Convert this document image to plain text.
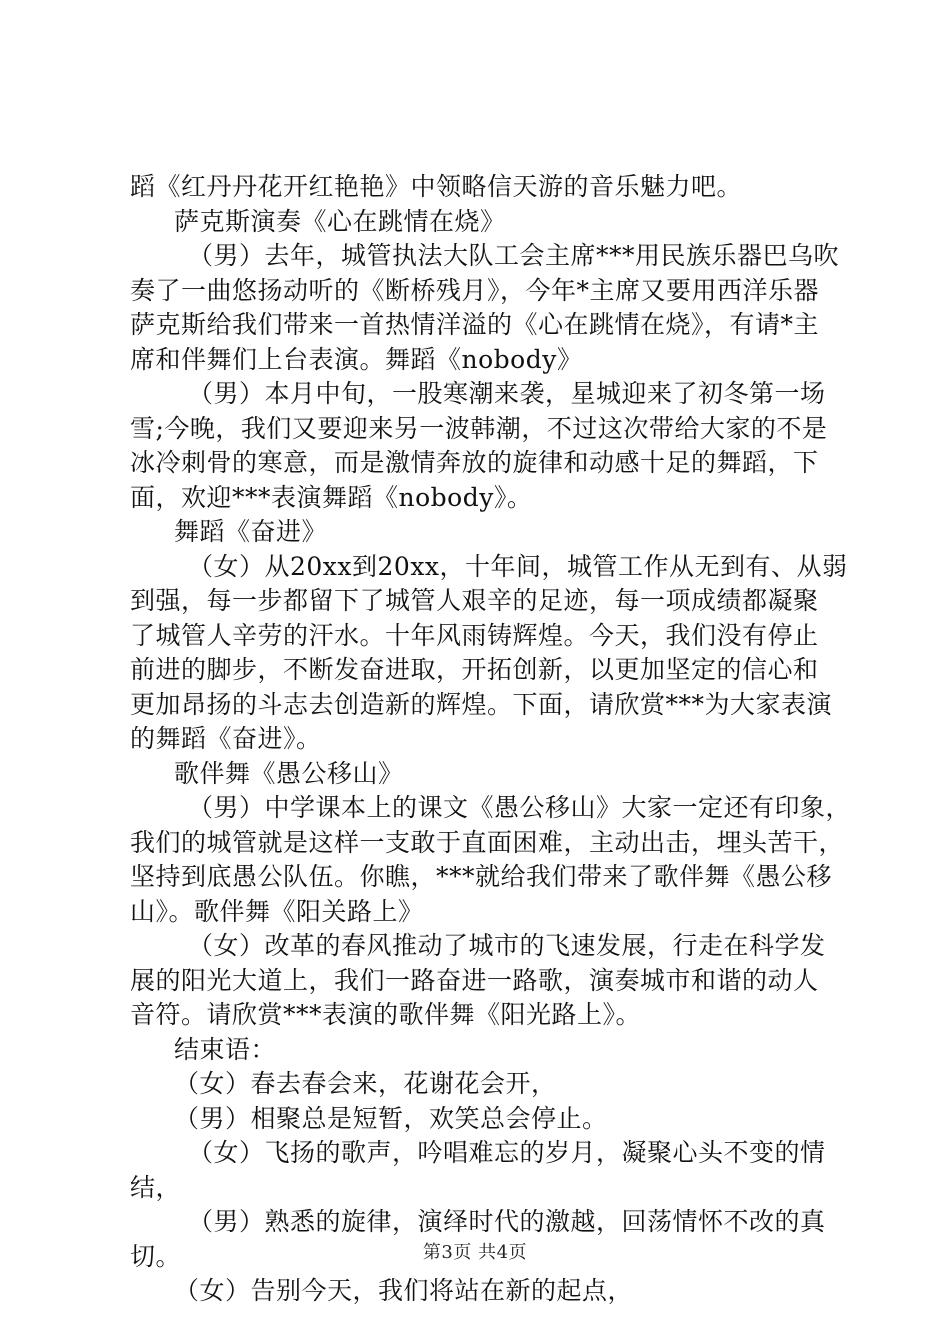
蹈《红丹丹花开红艳艳》中领略信天游的音乐魅力吧。
萨克斯演奏《心在跳情在烧》
（男）去年，城管执法大队工会主席***用民族乐器巴乌吹
奏了一曲悠扬动听的《断桥残月》，今年*主席又要用西洋乐器
萨克斯给我们带来一首热情洋溢的《心在跳情在烧》，有请*主
席和伴舞们上台表演。舞蹈《nobody》
（男）本月中旬，一股寒潮来袭，星城迎来了初冬第一场
雪;今晚，我们又要迎来另一波韩潮，不过这次带给大家的不是
冰冷刺骨的寒意，而是激情奔放的旋律和动感十足的舞蹈，下
面，欢迎***表演舞蹈《nobody》。
舞蹈《奋进》
（女）从20xx到20xx，十年间，城管工作从无到有、从弱
到强，每一步都留下了城管人艰辛的足迹，每一项成绩都凝聚
了城管人辛劳的汗水。十年风雨铸辉煌。今天，我们没有停止
前进的脚步，不断发奋进取，开拓创新，以更加坚定的信心和
更加昂扬的斗志去创造新的辉煌。下面，请欣赏***为大家表演
的舞蹈《奋进》。
歌伴舞《愚公移山》
（男）中学课本上的课文《愚公移山》大家一定还有印象，
我们的城管就是这样一支敢于直面困难，主动出击，埋头苦干，
坚持到底愚公队伍。你瞧，***就给我们带来了歌伴舞《愚公移
山》。歌伴舞《阳关路上》
（女）改革的春风推动了城市的飞速发展，行走在科学发
展的阳光大道上，我们一路奋进一路歌，演奏城市和谐的动人
音符。请欣赏***表演的歌伴舞《阳光路上》。
结束语：
（女）春去春会来，花谢花会开，
（男）相聚总是短暂，欢笑总会停止。
（女）飞扬的歌声，吟唱难忘的岁月，凝聚心头不变的情
结，
（男）熟悉的旋律，演绎时代的激越，回荡情怀不改的真
切。
（女）告别今天，我们将站在新的起点，
第3页 共4页
